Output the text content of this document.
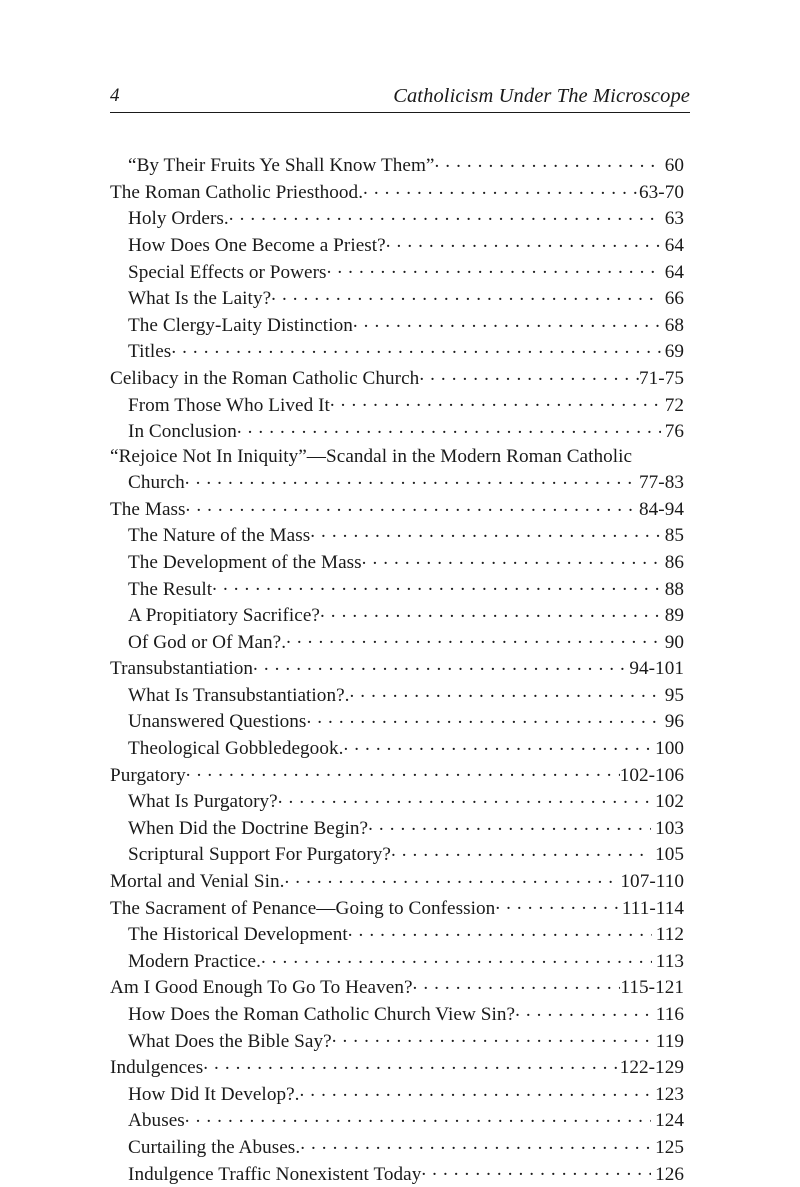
4	Catholicism Under The Microscope
“By Their Fruits Ye Shall Know Them” . . .	60
The Roman Catholic Priesthood. . . .	63-70
Holy Orders. . . .	63
How Does One Become a Priest? . . .	64
Special Effects or Powers . . .	64
What Is the Laity? . . .	66
The Clergy-Laity Distinction . . .	68
Titles . . .	69
Celibacy in the Roman Catholic Church . . .	71-75
From Those Who Lived It . . .	72
In Conclusion . . .	76
“Rejoice Not In Iniquity”—Scandal in the Modern Roman Catholic
Church . . .	77-83
The Mass . . .	84-94
The Nature of the Mass . . .	85
The Development of the Mass . . .	86
The Result . . .	88
A Propitiatory Sacrifice? . . .	89
Of God or Of Man?. . . .	90
Transubstantiation . . .	94-101
What Is Transubstantiation?. . . .	95
Unanswered Questions . . .	96
Theological Gobbledegook. . . .	100
Purgatory . . .	102-106
What Is Purgatory? . . .	102
When Did the Doctrine Begin? . . .	103
Scriptural Support For Purgatory? . . .	105
Mortal and Venial Sin. . . .	107-110
The Sacrament of Penance—Going to Confession . . .	111-114
The Historical Development . . .	112
Modern Practice. . . .	113
Am I Good Enough To Go To Heaven? . . .	115-121
How Does the Roman Catholic Church View Sin? . . .	116
What Does the Bible Say? . . .	119
Indulgences . . .	122-129
How Did It Develop?. . . .	123
Abuses . . .	124
Curtailing the Abuses. . . .	125
Indulgence Traffic Nonexistent Today . . .	126
